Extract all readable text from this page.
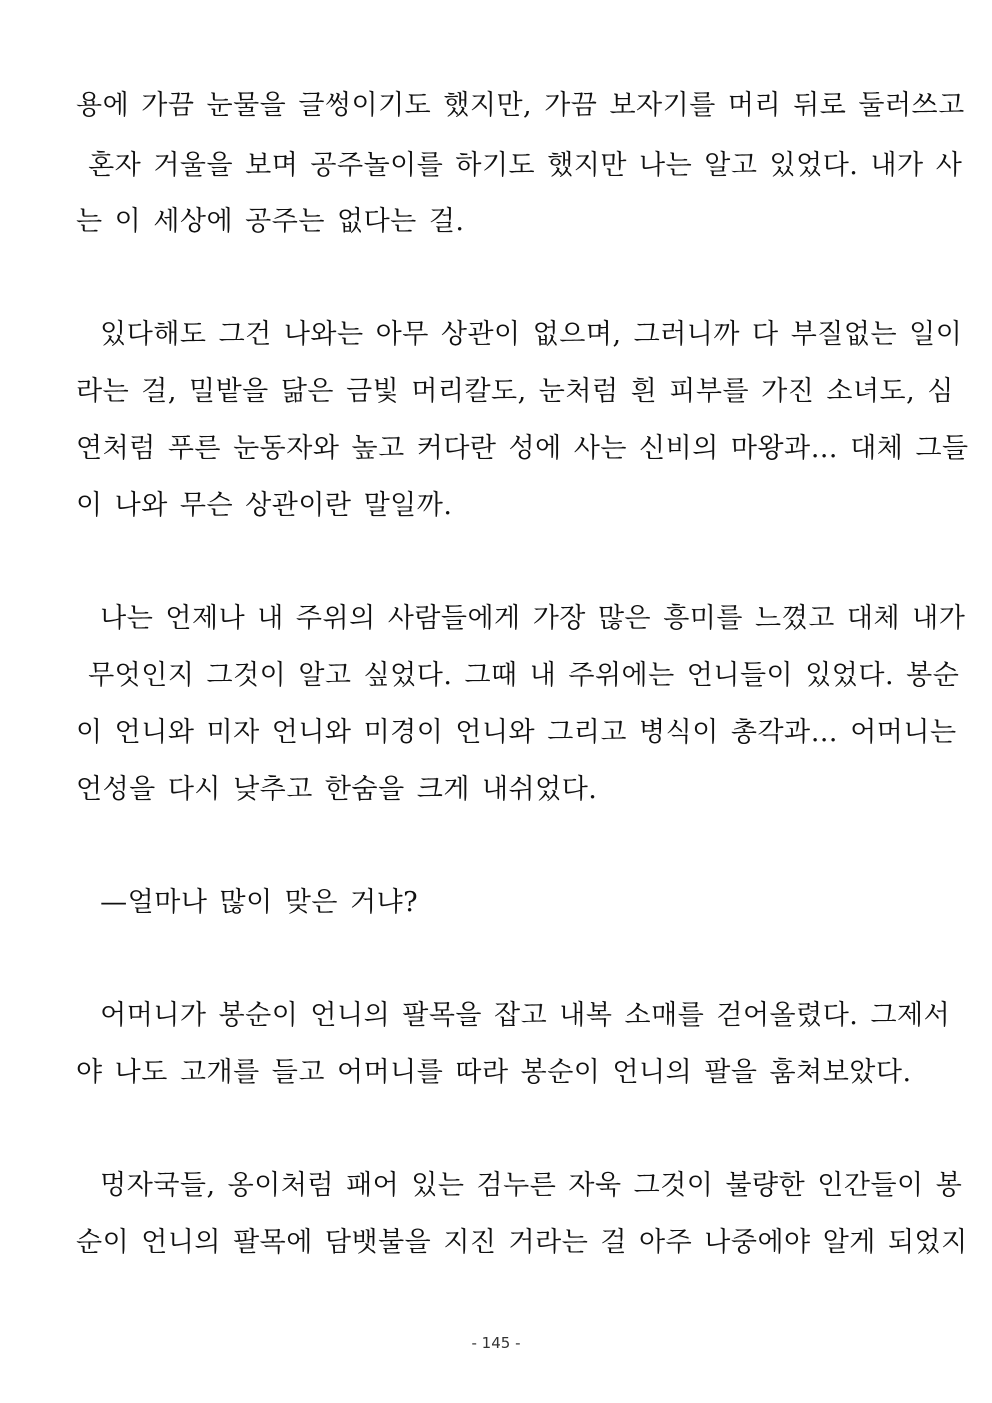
용에 가끔 눈물을 글썽이기도 했지만, 가끔 보자기를 머리 뒤로 둘러쓰고
혼자 거울을 보며 공주놀이를 하기도 했지만 나는 알고 있었다. 내가 사
는 이 세상에 공주는 없다는 걸.
있다해도 그건 나와는 아무 상관이 없으며, 그러니까 다 부질없는 일이
라는 걸, 밀밭을 닮은 금빛 머리칼도, 눈처럼 흰 피부를 가진 소녀도, 심
연처럼 푸른 눈동자와 높고 커다란 성에 사는 신비의 마왕과… 대체 그들
이 나와 무슨 상관이란 말일까.
나는 언제나 내 주위의 사람들에게 가장 많은 흥미를 느꼈고 대체 내가
무엇인지 그것이 알고 싶었다. 그때 내 주위에는 언니들이 있었다. 봉순
이 언니와 미자 언니와 미경이 언니와 그리고 병식이 총각과… 어머니는
언성을 다시 낮추고 한숨을 크게 내쉬었다.
—얼마나 많이 맞은 거냐?
어머니가 봉순이 언니의 팔목을 잡고 내복 소매를 걷어올렸다. 그제서
야 나도 고개를 들고 어머니를 따라 봉순이 언니의 팔을 훔쳐보았다.
멍자국들, 옹이처럼 패어 있는 검누른 자욱 그것이 불량한 인간들이 봉
순이 언니의 팔목에 담뱃불을 지진 거라는 걸 아주 나중에야 알게 되었지
- 145 -
